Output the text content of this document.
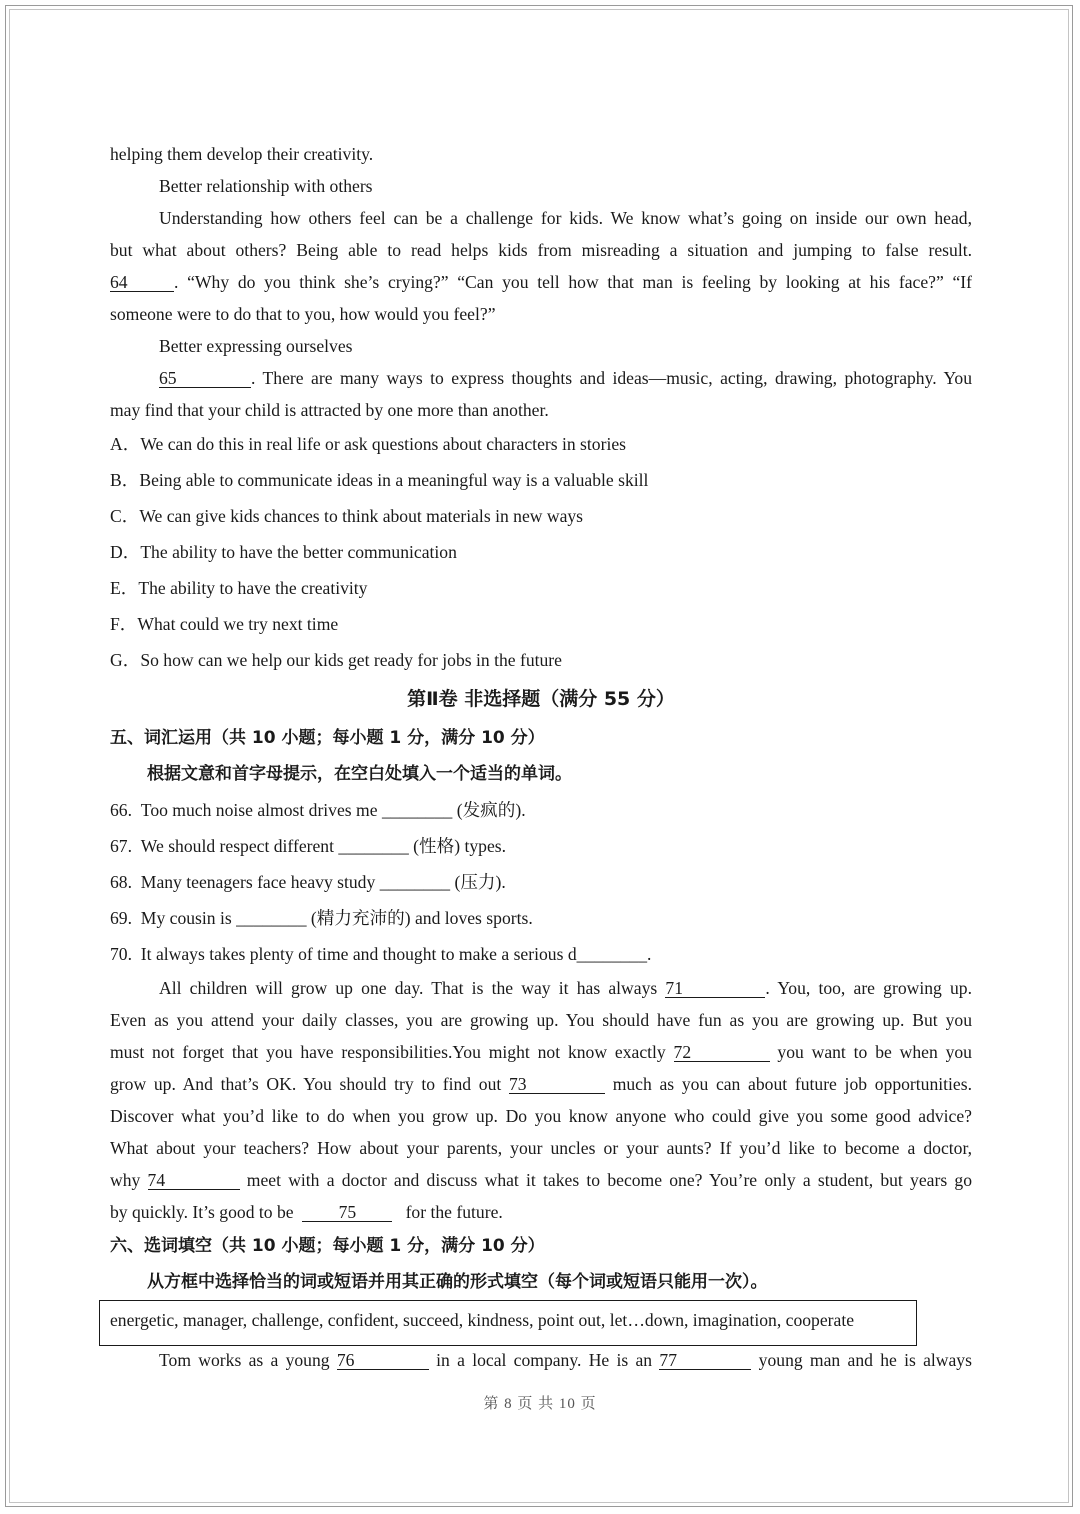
helping them develop their creativity.
Better relationship with others
Understanding how others feel can be a challenge for kids. We know what’s going on inside our own head,
but what about others? Being able to read helps kids from misreading a situation and jumping to false result.
64	. “Why do you think she’s crying?” “Can you tell how that man is feeling by looking at his face?” “If
someone were to do that to you, how would you feel?”
Better expressing ourselves
65	. There are many ways to express thoughts and ideas—music, acting, drawing, photography. You
may find that your child is attracted by one more than another.
A．We can do this in real life or ask questions about characters in stories
B．Being able to communicate ideas in a meaningful way is a valuable skill
C．We can give kids chances to think about materials in new ways
D．The ability to have the better communication
E．The ability to have the creativity
F．What could we try next time
G．So how can we help our kids get ready for jobs in the future
第Ⅱ卷 非选择题（满分 55 分）
五、词汇运用（共 10 小题；每小题 1 分，满分 10 分）
根据文意和首字母提示，在空白处填入一个适当的单词。
66. Too much noise almost drives me ________ (发疯的).
67. We should respect different ________ (性格) types.
68. Many teenagers face heavy study ________ (压力).
69. My cousin is ________ (精力充沛的) and loves sports.
70. It always takes plenty of time and thought to make a serious d________.
All children will grow up one day. That is the way it has always 71	. You, too, are growing up.
Even as you attend your daily classes, you are growing up. You should have fun as you are growing up. But you
must not forget that you have responsibilities.You might not know exactly 72	you want to be when you
grow up. And that’s OK. You should try to find out 73	much as you can about future job opportunities.
Discover what you’d like to do when you grow up. Do you know anyone who could give you some good advice?
What about your teachers? How about your parents, your uncles or your aunts? If you’d like to become a doctor,
why 74	meet with a doctor and discuss what it takes to become one? You’re only a student, but years go
by quickly. It’s good to be	75	for the future.
六、选词填空（共 10 小题；每小题 1 分，满分 10 分）
从方框中选择恰当的词或短语并用其正确的形式填空（每个词或短语只能用一次）。
energetic, manager, challenge, confident, succeed, kindness, point out, let…down, imagination, cooperate
Tom works as a young 76	in a local company. He is an 77	young man and he is always
第 8 页 共 10 页
